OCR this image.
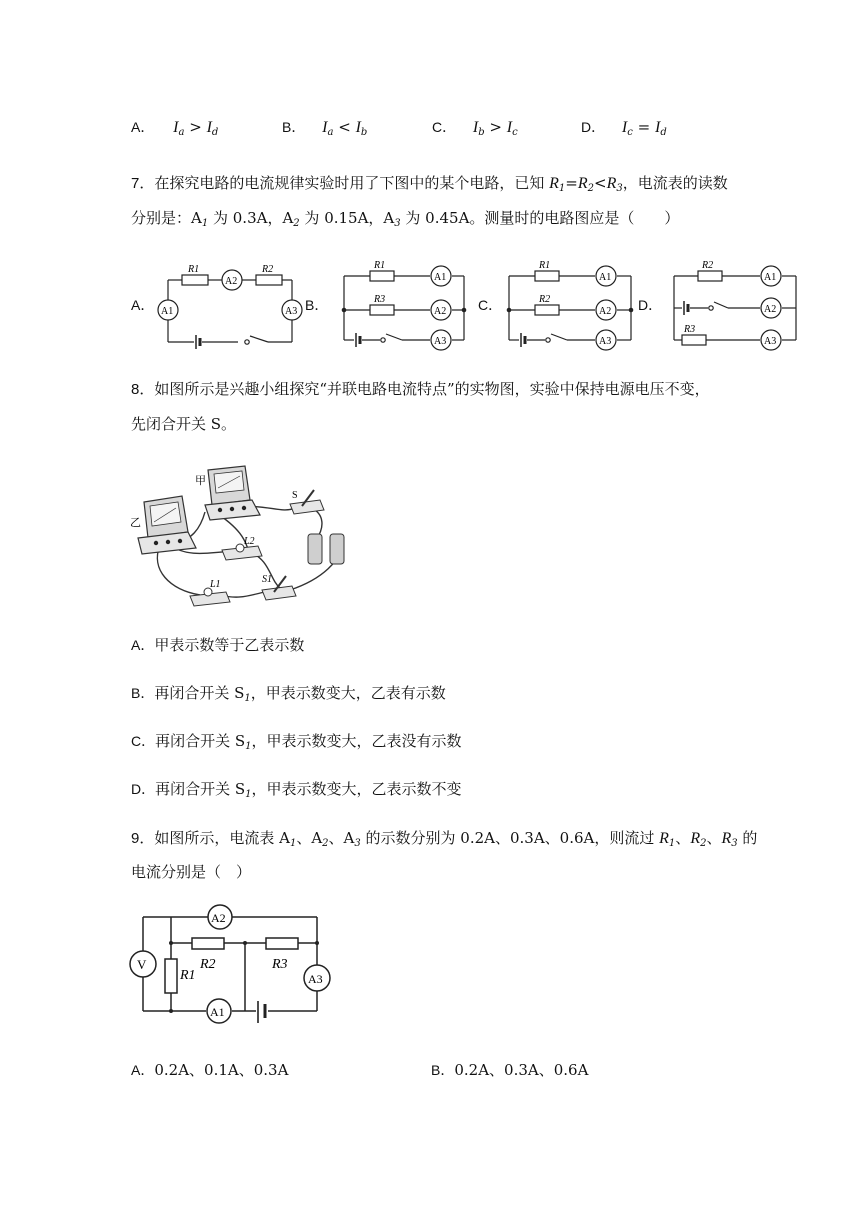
A． $I_a > I_d$	B． $I_a < I_b$	C． $I_b > I_c$	D． $I_c = I_d$
7．在探究电路的电流规律实验时用了下图中的某个电路，已知 $R_1=R_2<R_3$，电流表的读数
分别是：$A_1$ 为 0.3A，$A_2$ 为 0.15A，$A_3$ 为 0.45A。测量时的电路图应是（　　）
A．	B．	C．	D．
R1	R2
A2
A1	A3
R1
R3
A1
A2
A3
R1
R2
A1
A2
A3
R2
R3
A1
A2
A3
8．如图所示是兴趣小组探究“并联电路电流特点”的实物图，实验中保持电源电压不变，
先闭合开关 S。
甲
乙
S
L2
L1	S1
A．甲表示数等于乙表示数
B．再闭合开关 $S_1$，甲表示数变大，乙表有示数
C．再闭合开关 $S_1$，甲表示数变大，乙表没有示数
D．再闭合开关 $S_1$，甲表示数变大，乙表示数不变
9．如图所示，电流表 $A_1$、$A_2$、$A_3$ 的示数分别为 0.2A、0.3A、0.6A，则流过 $R_1$、$R_2$、$R_3$ 的
电流分别是（　）
V
R1
R2	R3
A2
A1
A3
A．0.2A、0.1A、0.3A	B．0.2A、0.3A、0.6A
